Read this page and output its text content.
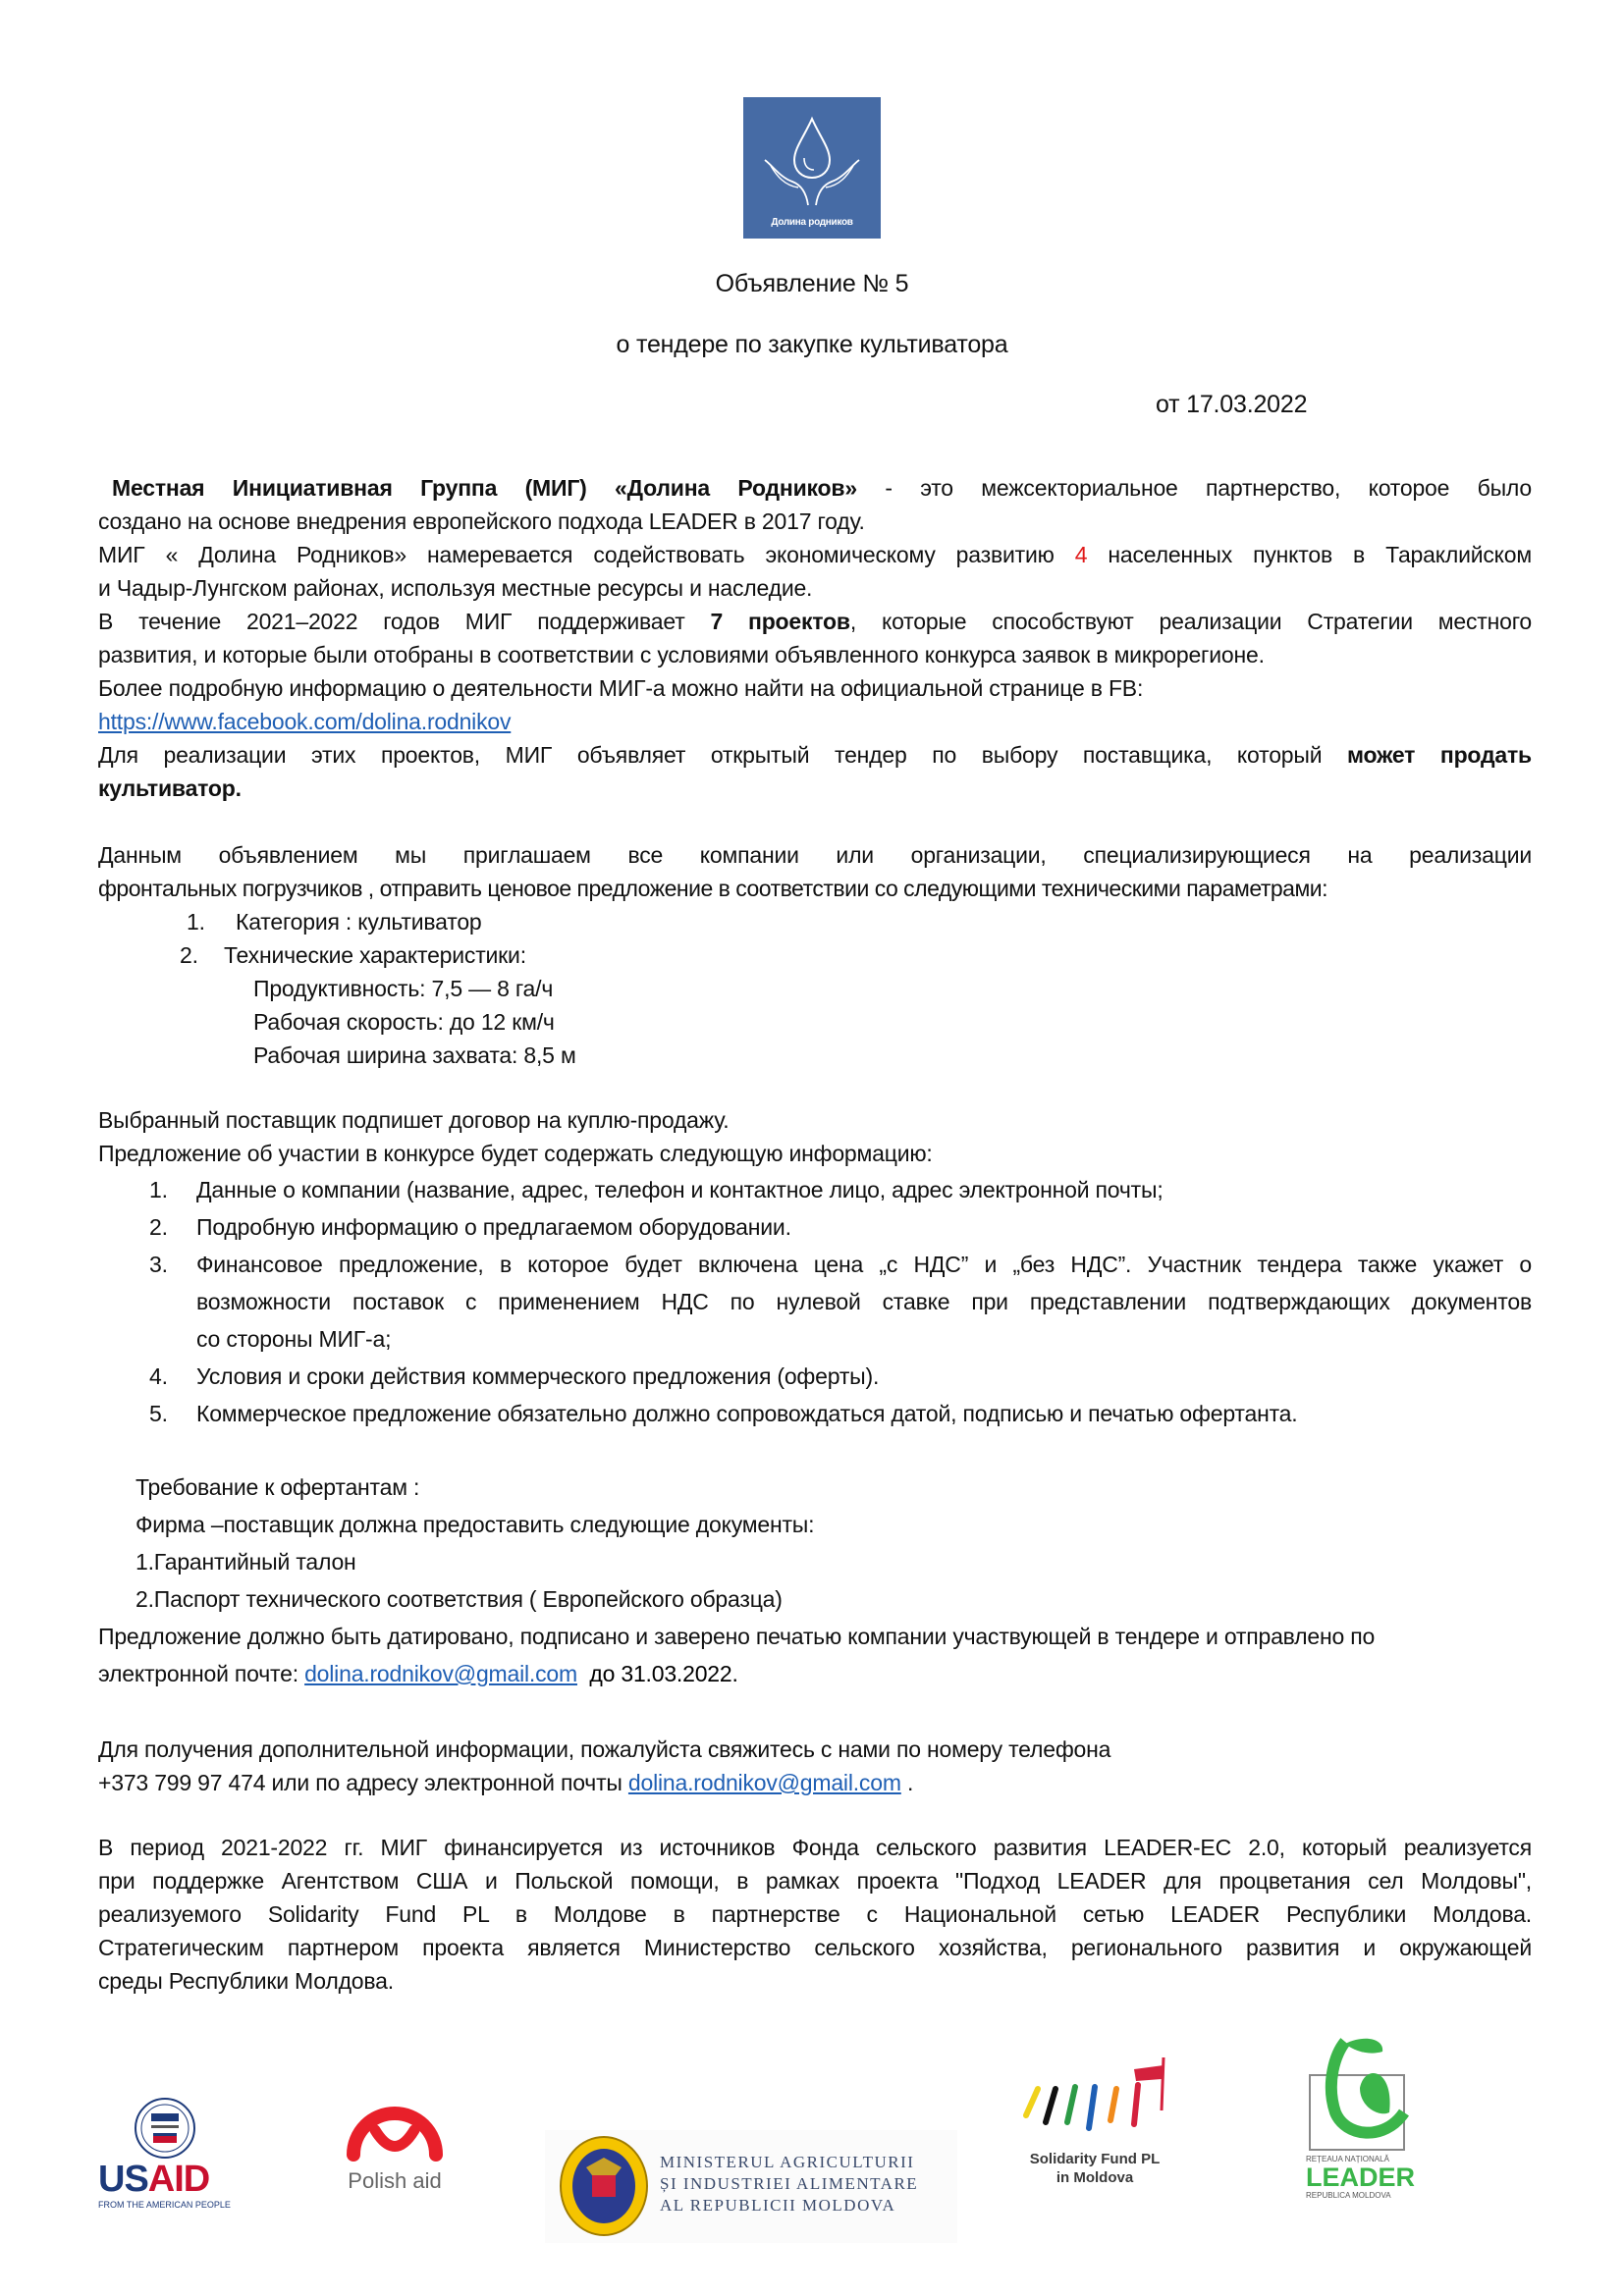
Долина родников
Объявление № 5
о тендере по закупке культиватора
от 17.03.2022
Местная Инициативная Группа (МИГ) «Долина Родников» - это межсекториальное партнерство, которое было
создано на основе внедрения европейского подхода LEADER в 2017 году.
МИГ « Долина Родников» намеревается содействовать экономическому развитию 4 населенных пунктов в Тараклийском
и Чадыр-Лунгском районах, используя местные ресурсы и наследие.
В течение 2021–2022 годов МИГ поддерживает 7 проектов, которые способствуют реализации Стратегии местного
развития, и которые были отобраны в соответствии с условиями объявленного конкурса заявок в микрорегионе.
Более подробную информацию о деятельности МИГ-а можно найти на официальной странице в FB:
https://www.facebook.com/dolina.rodnikov
Для реализации этих проектов, МИГ объявляет открытый тендер по выбору поставщика, который может продать
культиватор.
Данным объявлением мы приглашаем все компании или организации, специализирующиеся на реализации
фронтальных погрузчиков , отправить ценовое предложение в соответствии со следующими техническими параметрами:
1. Категория : культиватор
2. Технические характеристики:
Продуктивность: 7,5 — 8 га/ч
Рабочая скорость: до 12 км/ч
Рабочая ширина захвата: 8,5 м
Выбранный поставщик подпишет договор на куплю-продажу.
Предложение об участии в конкурсе будет содержать следующую информацию:
1. Данные о компании (название, адрес, телефон и контактное лицо, адрес электронной почты;
2. Подробную информацию о предлагаемом оборудовании.
3. Финансовое предложение, в которое будет включена цена „с НДС” и „без НДС”. Участник тендера также укажет о
возможности поставок с применением НДС по нулевой ставке при представлении подтверждающих документов
со стороны МИГ-а;
4. Условия и сроки действия коммерческого предложения (оферты).
5. Коммерческое предложение обязательно должно сопровождаться датой, подписью и печатью офертанта.
Требование к офертантам :
Фирма –поставщик должна предоставить следующие документы:
1.Гарантийный талон
2.Паспорт технического соответствия ( Европейского образца)
Предложение должно быть датировано, подписано и заверено печатью компании участвующей в тендере и отправлено по
электронной почте: dolina.rodnikov@gmail.com до 31.03.2022.
Для получения дополнительной информации, пожалуйста свяжитесь с нами по номеру телефона
+373 799 97 474 или по адресу электронной почты dolina.rodnikov@gmail.com .
В период 2021-2022 гг. МИГ финансируется из источников Фонда сельского развития LEADER-EC 2.0, который реализуется
при поддержке Агентством США и Польской помощи, в рамках проекта "Подход LEADER для процветания сел Молдовы",
реализуемого Solidarity Fund PL в Молдове в партнерстве с Национальной сетью LEADER Республики Молдова.
Стратегическим партнером проекта является Министерство сельского хозяйства, регионального развития и окружающей
среды Республики Молдова.
USAID
FROM THE AMERICAN PEOPLE
Polish aid
MINISTERUL AGRICULTURII
ȘI INDUSTRIEI ALIMENTARE
AL REPUBLICII MOLDOVA
Solidarity Fund PL
in Moldova
REȚEAUA NAȚIONALĂ
LEADER
REPUBLICA MOLDOVA
